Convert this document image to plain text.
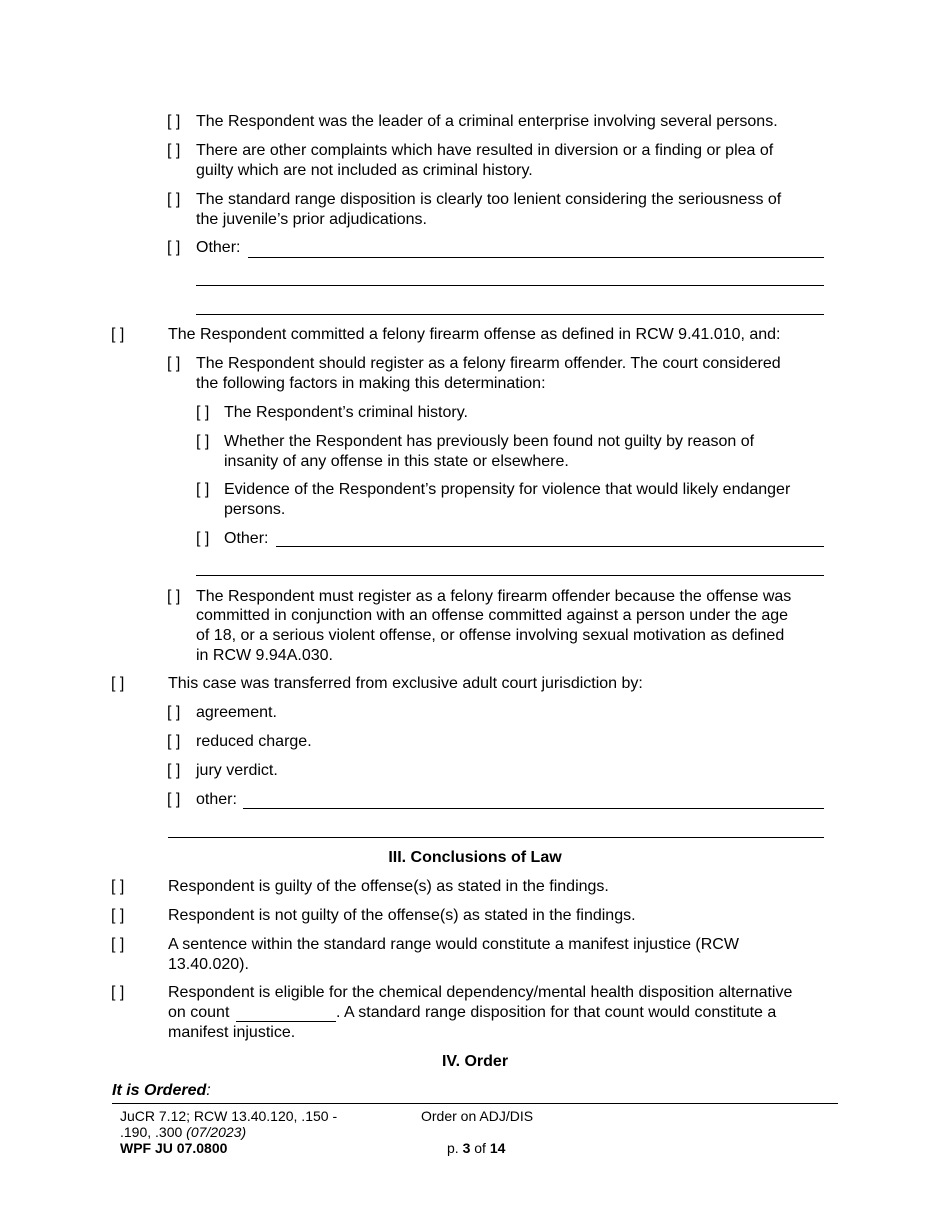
[ ] The Respondent was the leader of a criminal enterprise involving several persons.
[ ] There are other complaints which have resulted in diversion or a finding or plea of
guilty which are not included as criminal history.
[ ] The standard range disposition is clearly too lenient considering the seriousness of
the juvenile’s prior adjudications.
[ ] Other:
[ ]	The Respondent committed a felony firearm offense as defined in RCW 9.41.010, and:
[ ] The Respondent should register as a felony firearm offender. The court considered
the following factors in making this determination:
[ ] The Respondent’s criminal history.
[ ] Whether the Respondent has previously been found not guilty by reason of
insanity of any offense in this state or elsewhere.
[ ] Evidence of the Respondent’s propensity for violence that would likely endanger
persons.
[ ] Other:
[ ] The Respondent must register as a felony firearm offender because the offense was
committed in conjunction with an offense committed against a person under the age
of 18, or a serious violent offense, or offense involving sexual motivation as defined
in RCW 9.94A.030.
[ ]	This case was transferred from exclusive adult court jurisdiction by:
[ ] agreement.
[ ] reduced charge.
[ ] jury verdict.
[ ] other:
III. Conclusions of Law
[ ]	Respondent is guilty of the offense(s) as stated in the findings.
[ ]	Respondent is not guilty of the offense(s) as stated in the findings.
[ ]	A sentence within the standard range would constitute a manifest injustice (RCW
13.40.020).
[ ]	Respondent is eligible for the chemical dependency/mental health disposition alternative
on count	. A standard range disposition for that count would constitute a
manifest injustice.
IV. Order
It is Ordered:
JuCR 7.12; RCW 13.40.120, .150 -
.190, .300 (07/2023)
WPF JU 07.0800
Order on ADJ/DIS
p. 3 of 14
